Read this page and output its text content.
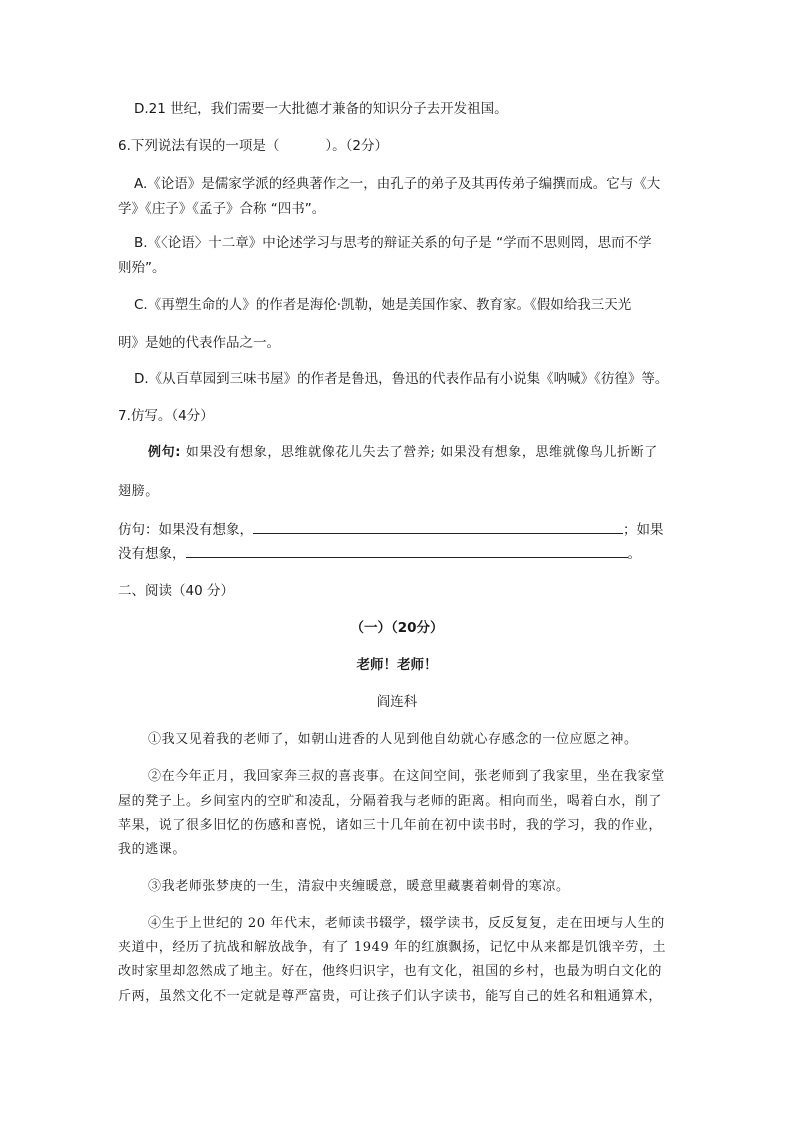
D.21 世纪，我们需要一大批德才兼备的知识分子去开发祖国。
6.下列说法有误的一项是（	）。（2分）
A.《论语》是儒家学派的经典著作之一，由孔子的弟子及其再传弟子编撰而成。它与《大
学》《庄子》《孟子》合称 “四书”。
B.《〈论语〉十二章》中论述学习与思考的辩证关系的句子是 “学而不思则罔，思而不学
则殆”。
C.《再塑生命的人》的作者是海伦·凯勒，她是美国作家、教育家。《假如给我三天光
明》是她的代表作品之一。
D.《从百草园到三味书屋》的作者是鲁迅，鲁迅的代表作品有小说集《呐喊》《彷徨》等。
7.仿写。（4分）
例句: 如果没有想象，思维就像花儿失去了營养; 如果没有想象，思维就像鸟儿折断了
翅膀。
仿句：如果没有想象，	；如果
没有想象，	。
二、阅读（40 分）
（一）（20分）
老师！老师！
阎连科
①我又见着我的老师了，如朝山进香的人见到他自幼就心存感念的一位应愿之神。
②在今年正月，我回家奔三叔的喜丧事。在这间空间，张老师到了我家里，坐在我家堂
屋的凳子上。乡间室内的空旷和凌乱，分隔着我与老师的距离。相向而坐，喝着白水，削了
苹果，说了很多旧忆的伤感和喜悦，诸如三十几年前在初中读书时，我的学习，我的作业，
我的逃课。
③我老师张梦庚的一生，清寂中夹缠暖意，暖意里藏裹着刺骨的寒凉。
④生于上世纪的 20 年代末，老师读书辍学，辍学读书，反反复复，走在田埂与人生的
夹道中，经历了抗战和解放战争，有了 1949 年的红旗飘扬，记忆中从来都是饥饿辛劳，土
改时家里却忽然成了地主。好在，他终归识字，也有文化，祖国的乡村，也最为明白文化的
斤两，虽然文化不一定就是尊严富贵，可让孩子们认字读书，能写自己的姓名和粗通算术，
